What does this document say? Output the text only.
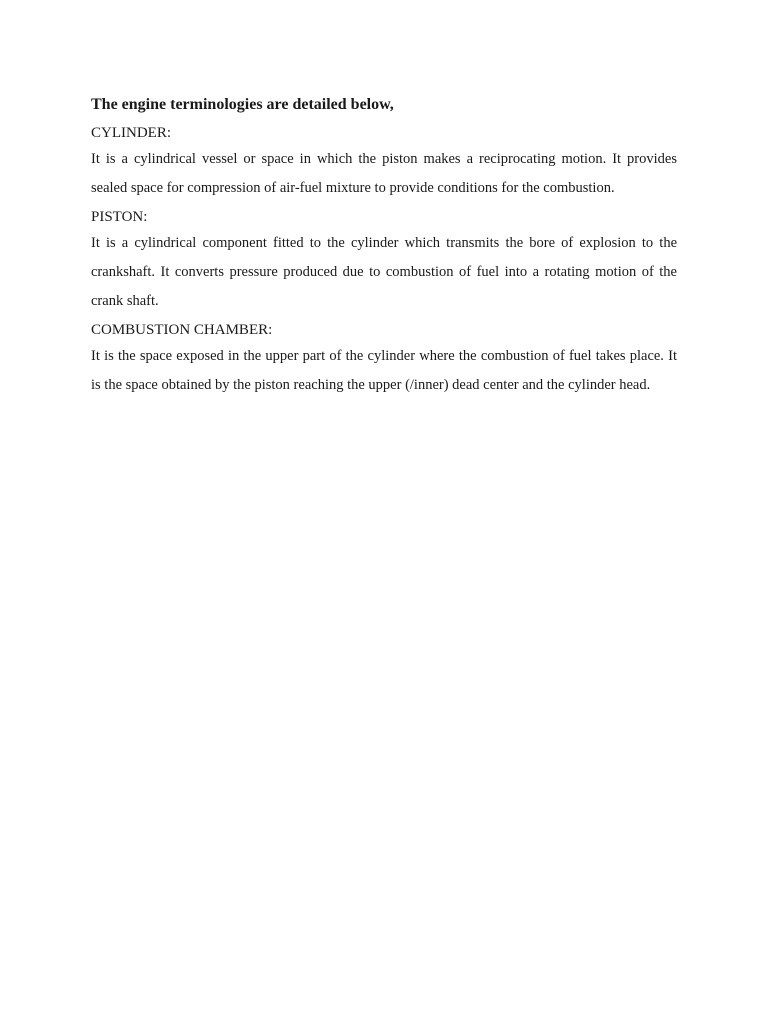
The engine terminologies are detailed below,

CYLINDER:

It is a cylindrical vessel or space in which the piston makes a reciprocating motion. It provides sealed space for compression of air-fuel mixture to provide conditions for the combustion.

PISTON:

It is a cylindrical component fitted to the cylinder which transmits the bore of explosion to the crankshaft. It converts pressure produced due to combustion of fuel into a rotating motion of the crank shaft.

COMBUSTION CHAMBER:

It is the space exposed in the upper part of the cylinder where the combustion of fuel takes place. It is the space obtained by the piston reaching the upper (/inner) dead center and the cylinder head.
